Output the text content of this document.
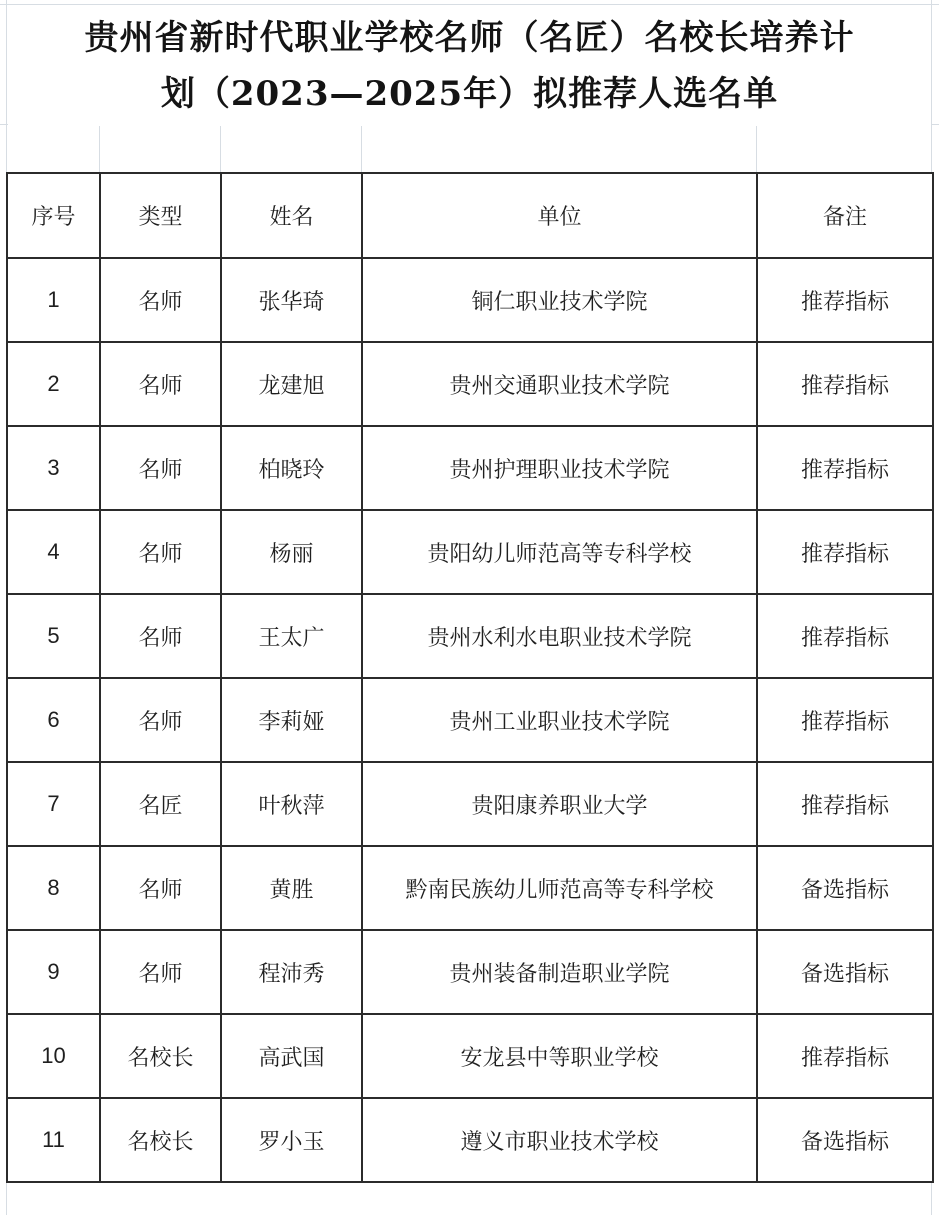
贵州省新时代职业学校名师（名匠）名校长培养计
划（2023—2025年）拟推荐人选名单
序号	类型	姓名	单位	备注
1	名师	张华琦	铜仁职业技术学院	推荐指标
2	名师	龙建旭	贵州交通职业技术学院	推荐指标
3	名师	柏晓玲	贵州护理职业技术学院	推荐指标
4	名师	杨丽	贵阳幼儿师范高等专科学校	推荐指标
5	名师	王太广	贵州水利水电职业技术学院	推荐指标
6	名师	李莉娅	贵州工业职业技术学院	推荐指标
7	名匠	叶秋萍	贵阳康养职业大学	推荐指标
8	名师	黄胜	黔南民族幼儿师范高等专科学校	备选指标
9	名师	程沛秀	贵州装备制造职业学院	备选指标
10	名校长	高武国	安龙县中等职业学校	推荐指标
11	名校长	罗小玉	遵义市职业技术学校	备选指标
